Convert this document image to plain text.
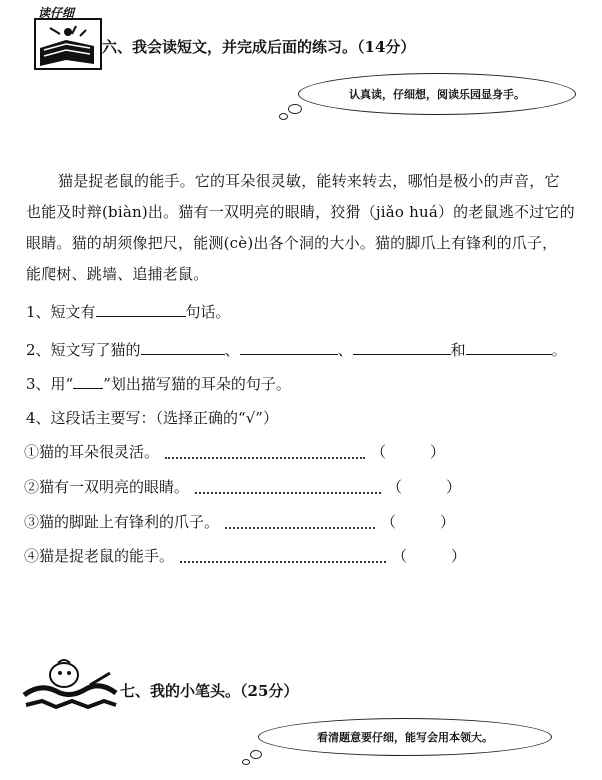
读仔细
六、我会读短文，并完成后面的练习。（14分）
认真读，仔细想，阅读乐园显身手。

猫是捉老鼠的能手。它的耳朵很灵敏，能转来转去，哪怕是极小的声音，它

也能及时辩(biàn)出。猫有一双明亮的眼睛，狡猾（jiǎo huá）的老鼠逃不过它的

眼睛。猫的胡须像把尺，能测(cè)出各个洞的大小。猫的脚爪上有锋利的爪子，

能爬树、跳墙、追捕老鼠。

1、短文有	句话。
2、短文写了猫的	、	、	和	。
3、用“ ”划出描写猫的耳朵的句子。
4、这段话主要写：（选择正确的“√”）
①猫的耳朵很灵活。	（	）
②猫有一双明亮的眼睛。	（	）
③猫的脚趾上有锋利的爪子。	（	）
④猫是捉老鼠的能手。	（	）
七、我的小笔头。（25分）
看清题意要仔细，能写会用本领大。
